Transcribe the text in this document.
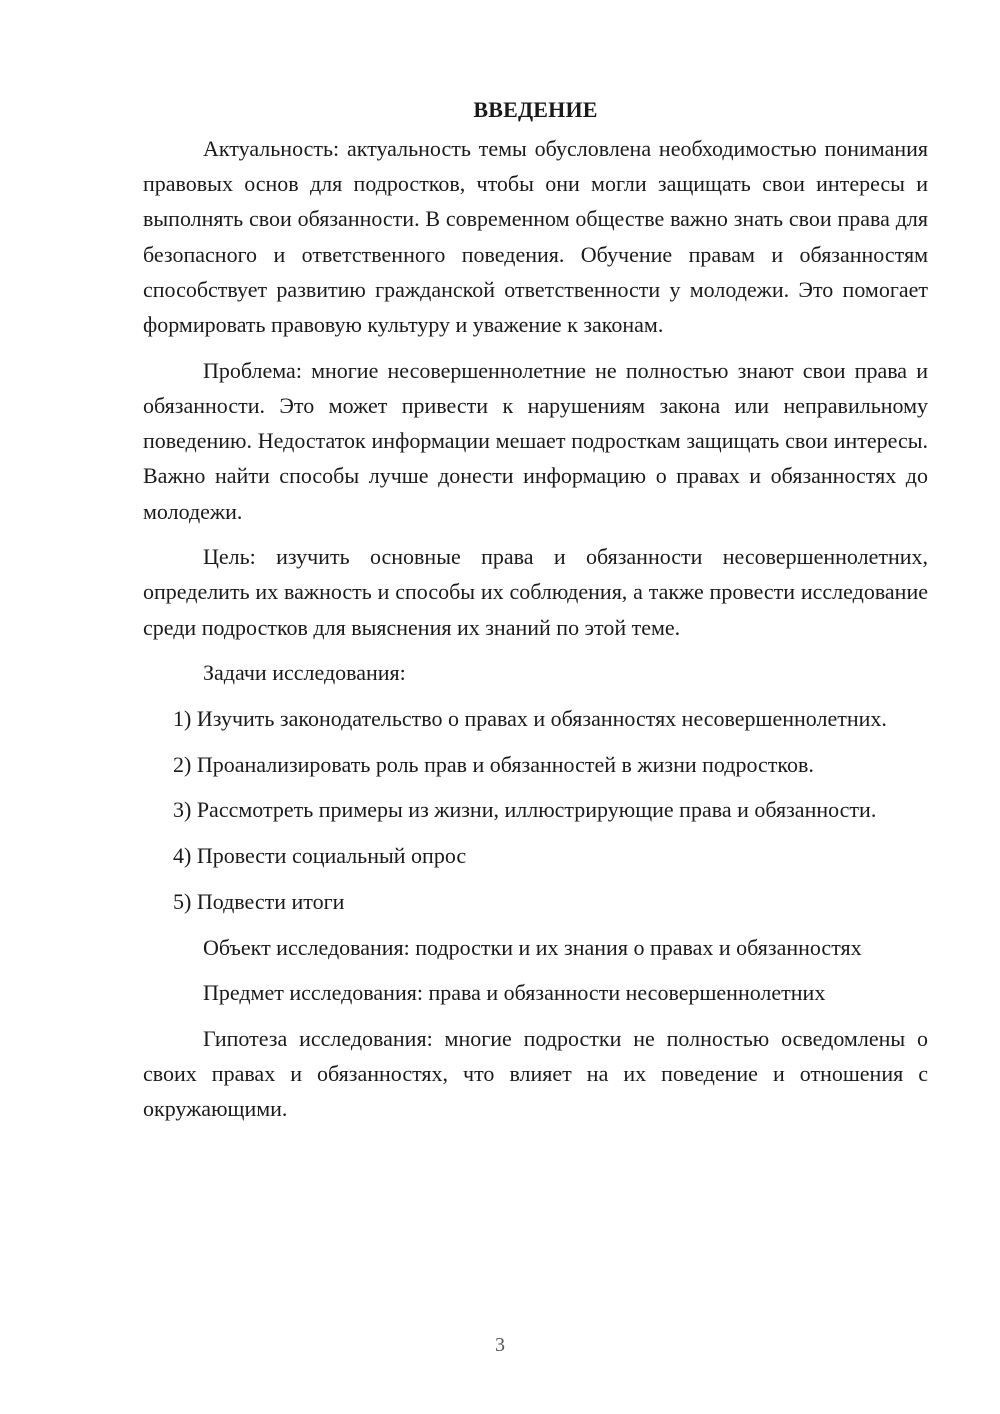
ВВЕДЕНИЕ

Актуальность: актуальность темы обусловлена необходимостью понимания правовых основ для подростков, чтобы они могли защищать свои интересы и выполнять свои обязанности. В современном обществе важно знать свои права для безопасного и ответственного поведения. Обучение правам и обязанностям способствует развитию гражданской ответственности у молодежи. Это помогает формировать правовую культуру и уважение к законам.

Проблема: многие несовершеннолетние не полностью знают свои права и обязанности. Это может привести к нарушениям закона или неправильному поведению. Недостаток информации мешает подросткам защищать свои интересы. Важно найти способы лучше донести информацию о правах и обязанностях до молодежи.

Цель: изучить основные права и обязанности несовершеннолетних, определить их важность и способы их соблюдения, а также провести исследование среди подростков для выяснения их знаний по этой теме.

Задачи исследования:

1) Изучить законодательство о правах и обязанностях несовершеннолетних.

2) Проанализировать роль прав и обязанностей в жизни подростков.

3) Рассмотреть примеры из жизни, иллюстрирующие права и обязанности.

4) Провести социальный опрос

5) Подвести итоги

Объект исследования: подростки и их знания о правах и обязанностях

Предмет исследования: права и обязанности несовершеннолетних

Гипотеза исследования: многие подростки не полностью осведомлены о своих правах и обязанностях, что влияет на их поведение и отношения с окружающими.

3
